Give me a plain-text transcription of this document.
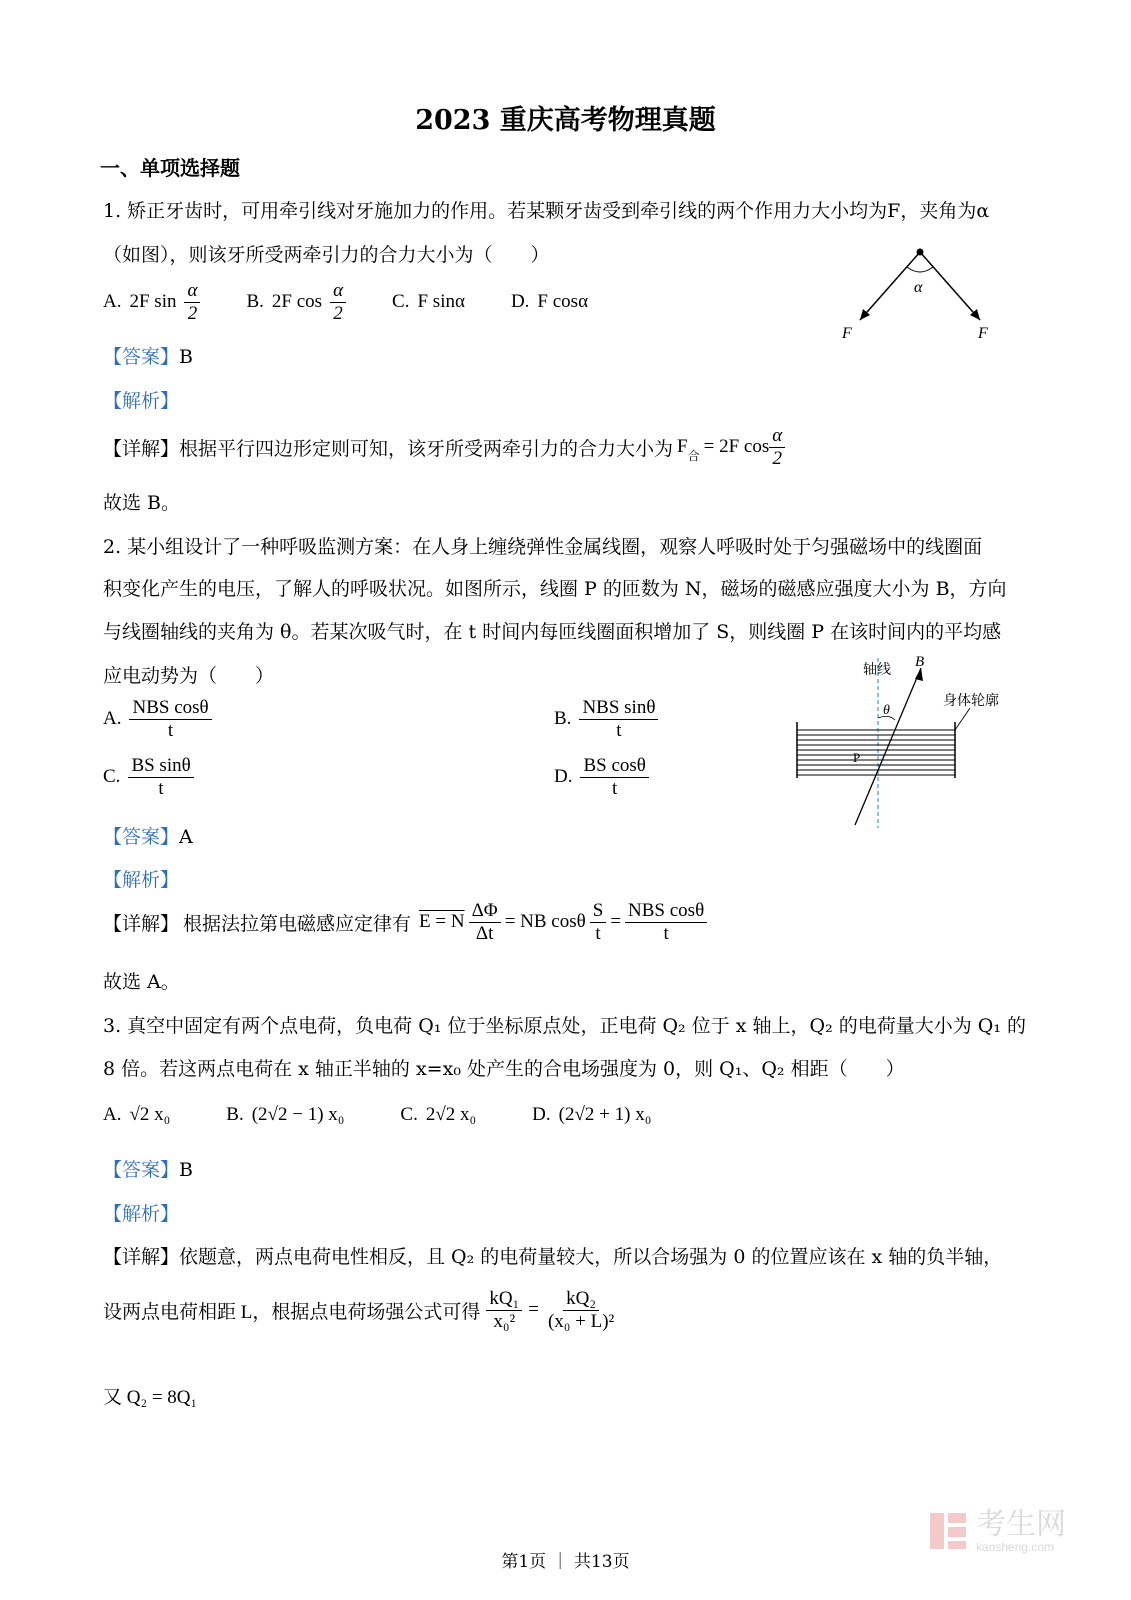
2023 重庆高考物理真题
一、单项选择题
1. 矫正牙齿时，可用牵引线对牙施加力的作用。若某颗牙齿受到牵引线的两个作用力大小均为F，夹角为α
（如图），则该牙所受两牵引力的合力大小为（　　）
A. 2F $\sin \frac{\alpha}{2} B$. 2F $\cos \frac{\alpha}{2} C$. F sinα D. F cosα
α
F	F
【答案】B
【解析】
【详解】 根据平行四边形定则可知，该牙所受两牵引力的合力大小为 F 合 = 2F $\cos \frac{\alpha}{2}$
故选 B。
2. 某小组设计了一种呼吸监测方案：在人身上缠绕弹性金属线圈，观察人呼吸时处于匀强磁场中的线圈面
积变化产生的电压，了解人的呼吸状况。如图所示，线圈 P 的匝数为 N，磁场的磁感应强度大小为 B，方向
与线圈轴线的夹角为 θ。若某次吸气时，在 t 时间内每匝线圈面积增加了 S，则线圈 P 在该时间内的平均感
应电动势为（　　）
A. $\frac{\text{NBS cosθ}}{t}$	B. $\frac{\text{NBS sinθ}}{t}$
C. $\frac{\text{BS sinθ}}{t}$	D. $\frac{\text{BS cosθ}}{t}$
轴线 B
θ
身体轮廓
P
【答案】A
【解析】
【详解】 根据法拉第电磁感应定律有 E = N $\frac{\Delta\Phi}{\Delta t}$ = NB cosθ $\frac{S}{t} = \frac{\text{NBS cosθ}}{t}$
故选 A。
3. 真空中固定有两个点电荷，负电荷 Q₁ 位于坐标原点处，正电荷 Q₂ 位于 x 轴上，Q₂ 的电荷量大小为 Q₁ 的
8 倍。若这两点电荷在 x 轴正半轴的 x=x₀ 处产生的合电场强度为 0，则 Q₁、Q₂ 相距（　　）
A. √2 x₀	B. (2√2 − 1) x₀	C. 2√2 x₀	D. (2√2 + 1) x₀
【答案】B
【解析】
【详解】依题意，两点电荷电性相反，且 Q₂ 的电荷量较大，所以合场强为 0 的位置应该在 x 轴的负半轴，
设两点电荷相距 L，根据点电荷场强公式可得 $\frac{\text{kQ₁}}{\text{x₀²}} = \frac{\text{kQ₂}}{\text{(x₀ + L)²}}$
又 Q₂ = 8Q₁
考生网
kaosheng.com
第1页 ｜ 共13页
